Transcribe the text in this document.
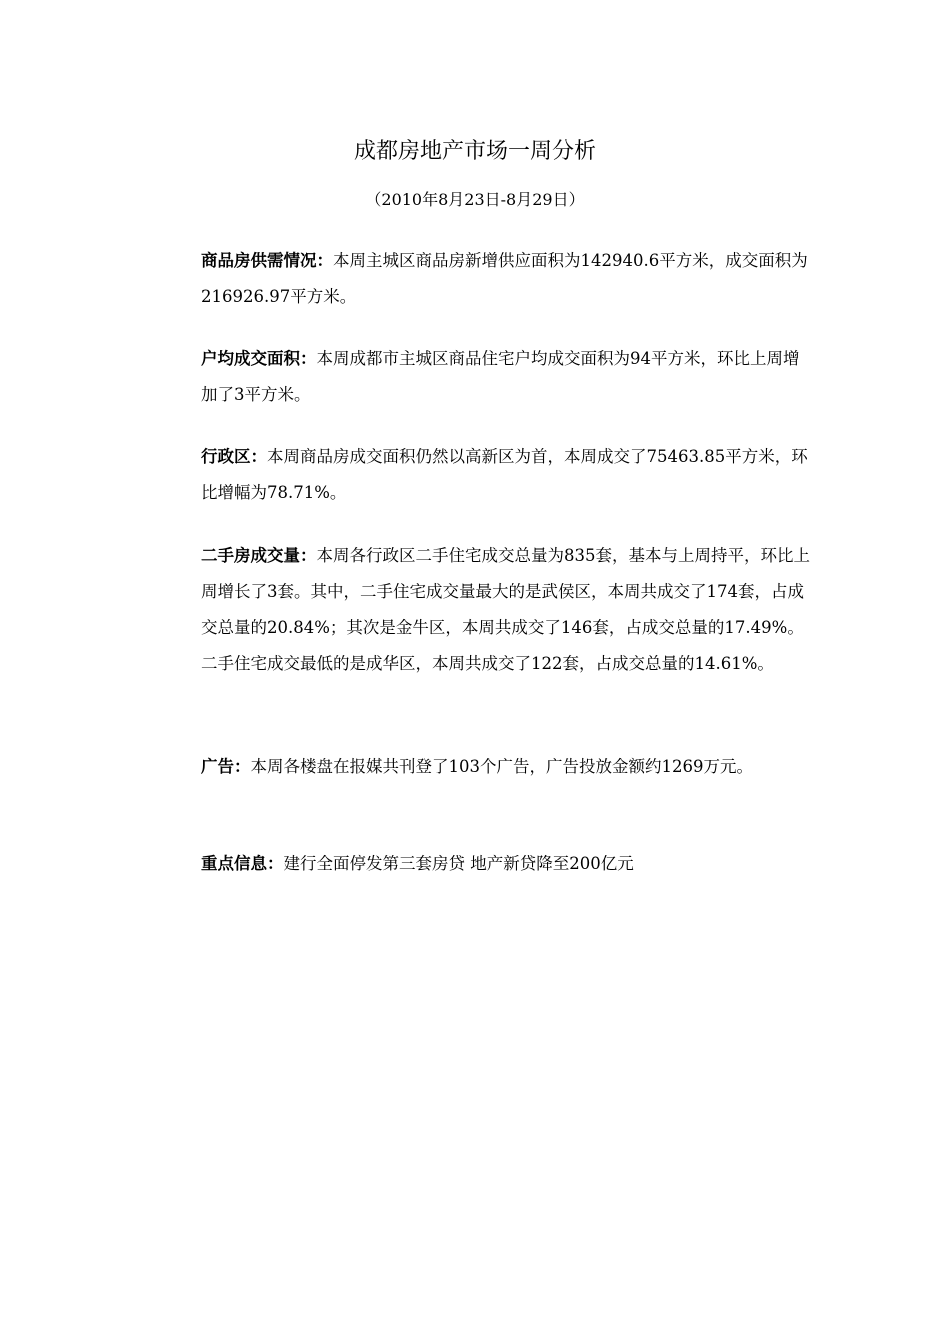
成都房地产市场一周分析
（2010年8月23日-8月29日）

商品房供需情况：本周主城区商品房新增供应面积为142940.6平方米，成交面积为216926.97平方米。

户均成交面积：本周成都市主城区商品住宅户均成交面积为94平方米，环比上周增加了3平方米。

行政区：本周商品房成交面积仍然以高新区为首，本周成交了75463.85平方米，环比增幅为78.71%。

二手房成交量：本周各行政区二手住宅成交总量为835套，基本与上周持平，环比上周增长了3套。其中，二手住宅成交量最大的是武侯区，本周共成交了174套，占成交总量的20.84%；其次是金牛区，本周共成交了146套，占成交总量的17.49%。二手住宅成交最低的是成华区，本周共成交了122套，占成交总量的14.61%。

广告：本周各楼盘在报媒共刊登了103个广告，广告投放金额约1269万元。

重点信息：建行全面停发第三套房贷 地产新贷降至200亿元
